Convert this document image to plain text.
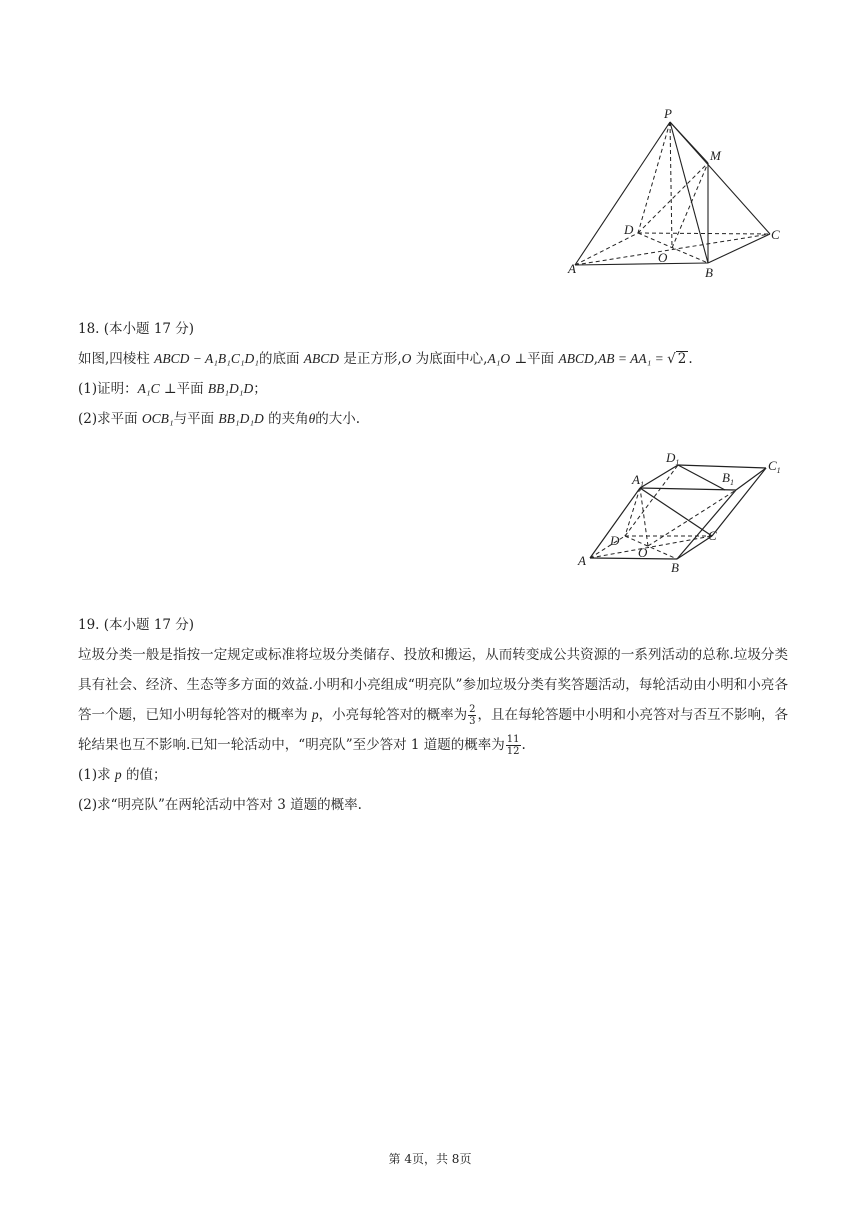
P
M
D	C
O
A	B

18. (本小题 17 分)

如图,四棱柱 ABCD − A₁B₁C₁D₁的底面 ABCD 是正方形,O 为底面中心,A₁O ⊥平面 ABCD,AB = AA₁ = √ 2 .

(1)证明：A₁C ⊥平面 BB₁D₁D；

(2)求平面 OCB₁与平面 BB₁D₁D 的夹角θ的大小.

$D_1$	$C_1$
$A_1$	$B_1$
D	C
O
A	B

19. (本小题 17 分)

垃圾分类一般是指按一定规定或标准将垃圾分类储存、投放和搬运，从而转变成公共资源的一系列活动的总称.垃圾分类具有社会、经济、生态等多方面的效益.小明和小亮组成“明亮队”参加垃圾分类有奖答题活动，每轮活动由小明和小亮各答一个题，已知小明每轮答对的概率为 p，小亮每轮答对的概率为 $\frac{2}{3}$ ，且在每轮答题中小明和小亮答对与否互不影响，各轮结果也互不影响.已知一轮活动中，“明亮队”至少答对 1 道题的概率为 $\frac{11}{12}$ .

(1)求 p 的值；

(2)求“明亮队”在两轮活动中答对 3 道题的概率.

第 4页，共 8页
